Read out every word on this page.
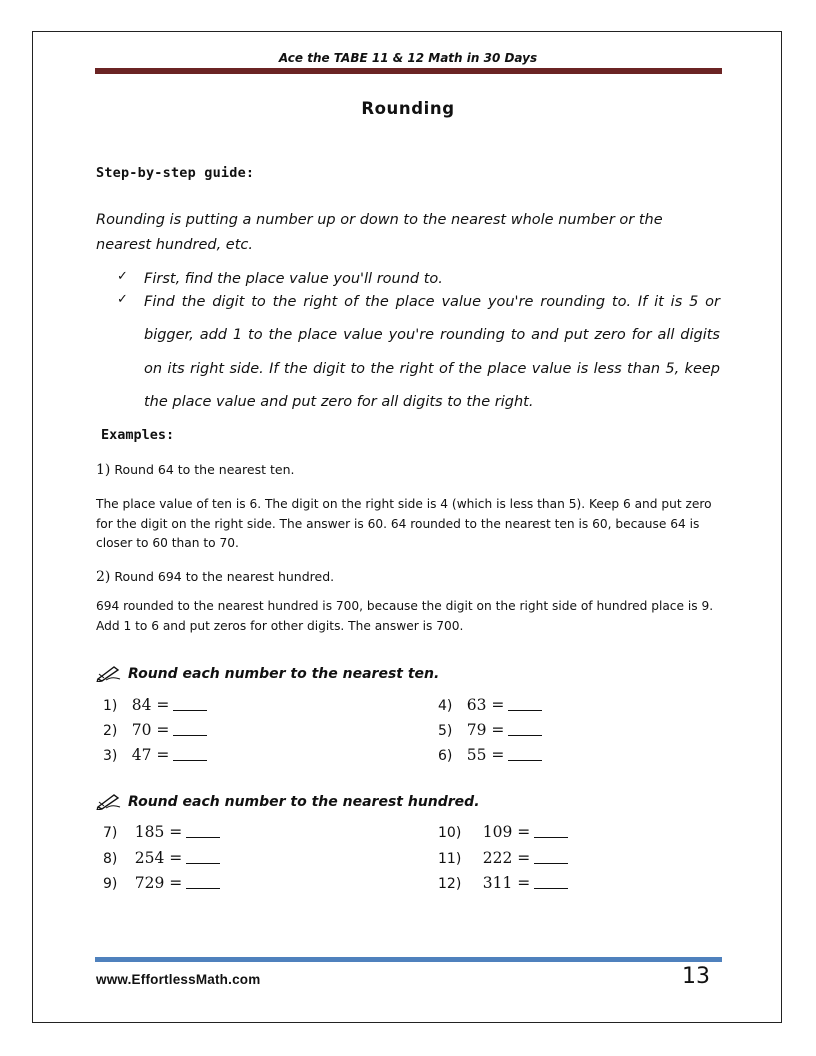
Ace the TABE 11 & 12 Math in 30 Days
Rounding
Step-by-step guide:
Rounding is putting a number up or down to the nearest whole number or the nearest hundred, etc.
✓ First, find the place value you'll round to.
✓ Find the digit to the right of the place value you're rounding to. If it is 5 or bigger, add 1 to the place value you're rounding to and put zero for all digits on its right side. If the digit to the right of the place value is less than 5, keep the place value and put zero for all digits to the right.
Examples:
1) Round 64 to the nearest ten.
The place value of ten is 6. The digit on the right side is 4 (which is less than 5). Keep 6 and put zero for the digit on the right side. The answer is 60. 64 rounded to the nearest ten is 60, because 64 is closer to 60 than to 70.
2) Round 694 to the nearest hundred.
694 rounded to the nearest hundred is 700, because the digit on the right side of hundred place is 9. Add 1 to 6 and put zeros for other digits. The answer is 700.
Round each number to the nearest ten.
1) 84 =
2) 70 =
3) 47 =
4) 63 =
5) 79 =
6) 55 =
Round each number to the nearest hundred.
7) 185 =
8) 254 =
9) 729 =
10) 109 =
11) 222 =
12) 311 =
www.EffortlessMath.com	13
